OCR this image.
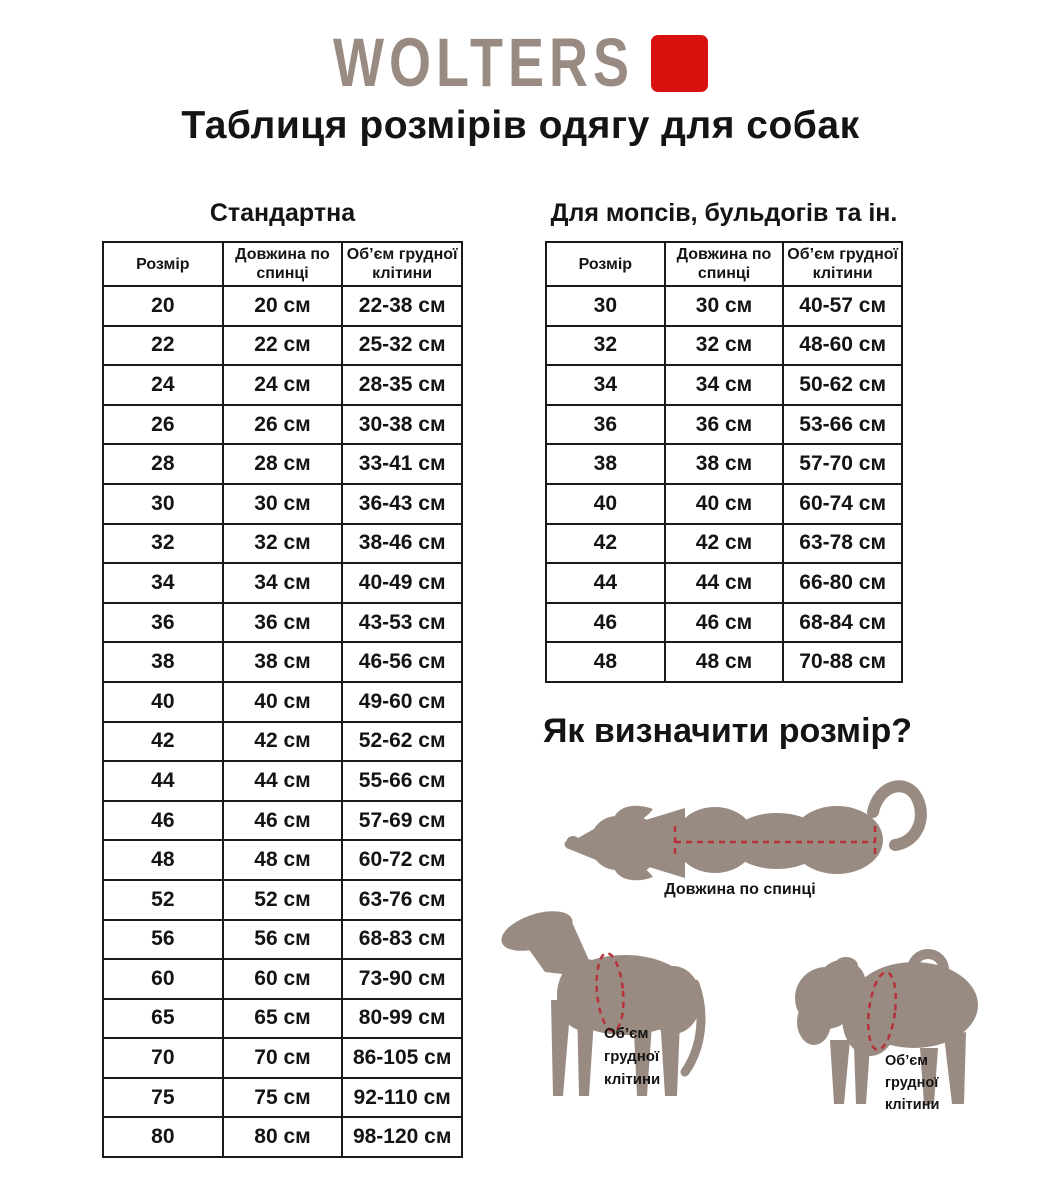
WOLTERS
Таблиця розмірів одягу для собак
Стандартна
Розмір	Довжина по спинці	Об’єм грудної клітини
20	20 см	22-38 см
22	22 см	25-32 см
24	24 см	28-35 см
26	26 см	30-38 см
28	28 см	33-41 см
30	30 см	36-43 см
32	32 см	38-46 см
34	34 см	40-49 см
36	36 см	43-53 см
38	38 см	46-56 см
40	40 см	49-60 см
42	42 см	52-62 см
44	44 см	55-66 см
46	46 см	57-69 см
48	48 см	60-72 см
52	52 см	63-76 см
56	56 см	68-83 см
60	60 см	73-90 см
65	65 см	80-99 см
70	70 см	86-105 см
75	75 см	92-110 см
80	80 см	98-120 см
Для мопсів, бульдогів та ін.
Розмір	Довжина по спинці	Об’єм грудної клітини
30	30 см	40-57 см
32	32 см	48-60 см
34	34 см	50-62 см
36	36 см	53-66 см
38	38 см	57-70 см
40	40 см	60-74 см
42	42 см	63-78 см
44	44 см	66-80 см
46	46 см	68-84 см
48	48 см	70-88 см
Як визначити розмір?
Довжина по спинці
Об’єм
грудної
клітини
Об’єм
грудної
клітини
